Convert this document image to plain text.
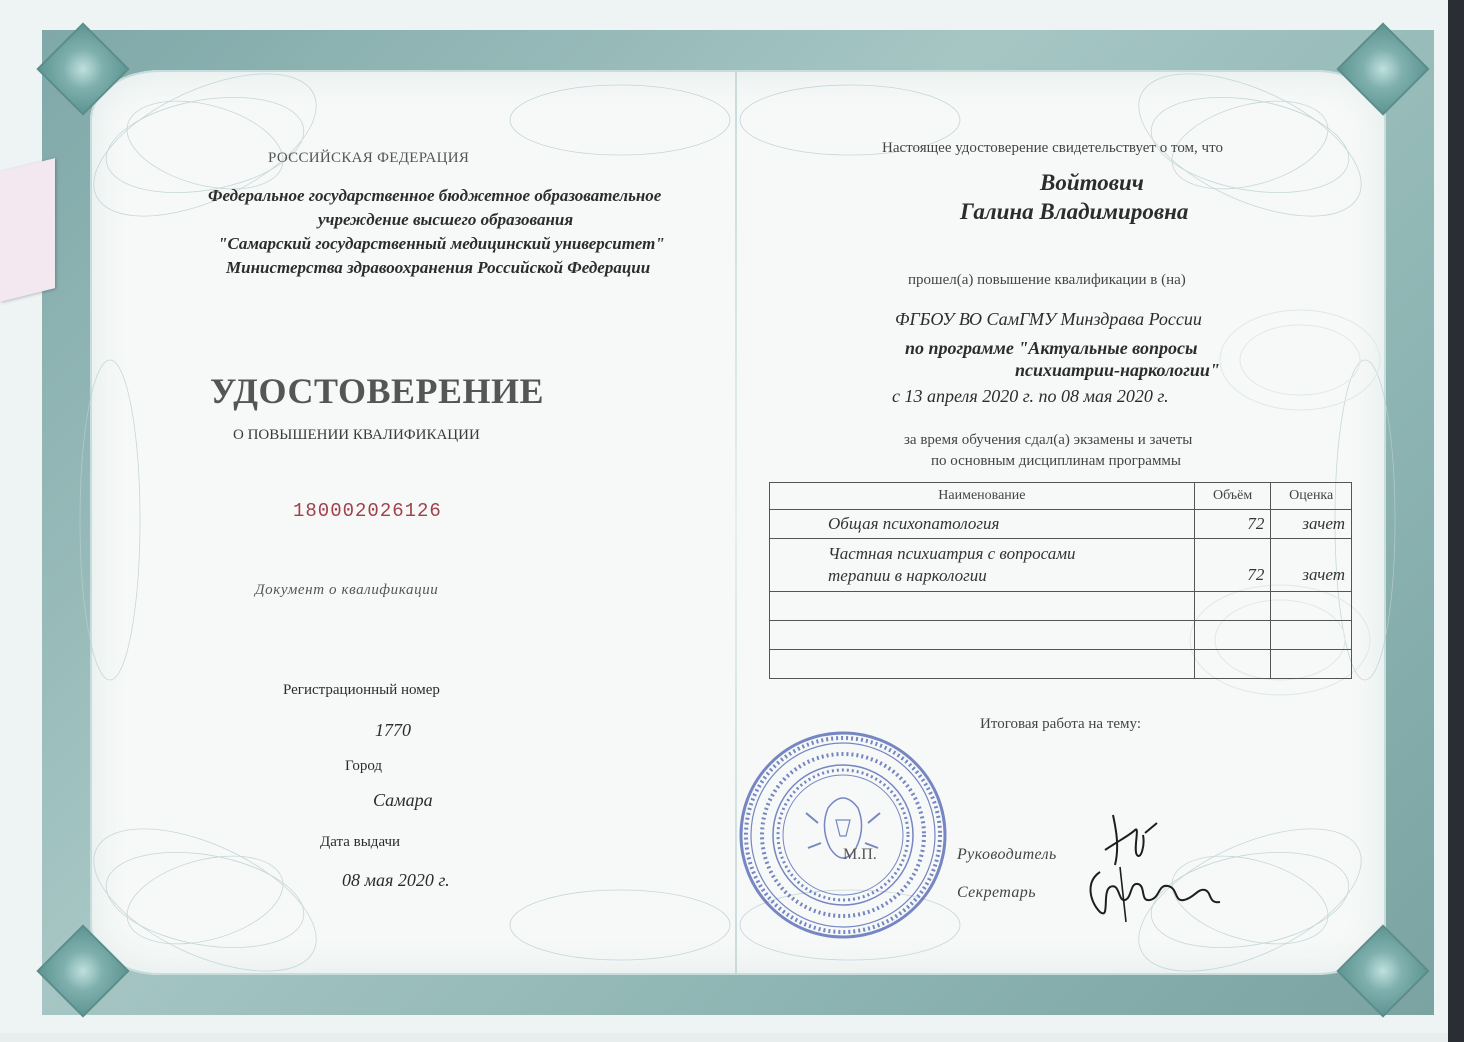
РОССИЙСКАЯ ФЕДЕРАЦИЯ
Федеральное государственное бюджетное образовательное
учреждение высшего образования
"Самарский государственный медицинский университет"
Министерства здравоохранения Российской Федерации
УДОСТОВЕРЕНИЕ
О ПОВЫШЕНИИ КВАЛИФИКАЦИИ
180002026126
Документ о квалификации
Регистрационный номер
1770
Город
Самара
Дата выдачи
08 мая 2020 г.
Настоящее удостоверение свидетельствует о том, что
Войтович
Галина Владимировна
прошел(а) повышение квалификации в (на)
ФГБОУ ВО СамГМУ Минздрава России
по программе "Актуальные вопросы
психиатрии-наркологии"
с 13 апреля 2020 г. по 08 мая 2020 г.
за время обучения сдал(а) экзамены и зачеты
по основным дисциплинам программы
Наименование	Объём	Оценка
Общая психопатология	72	зачет

Частная психиатрия с вопросами
терапии в наркологии	72	зачет

Итоговая работа на тему:
М.П.	Руководитель
Секретарь
